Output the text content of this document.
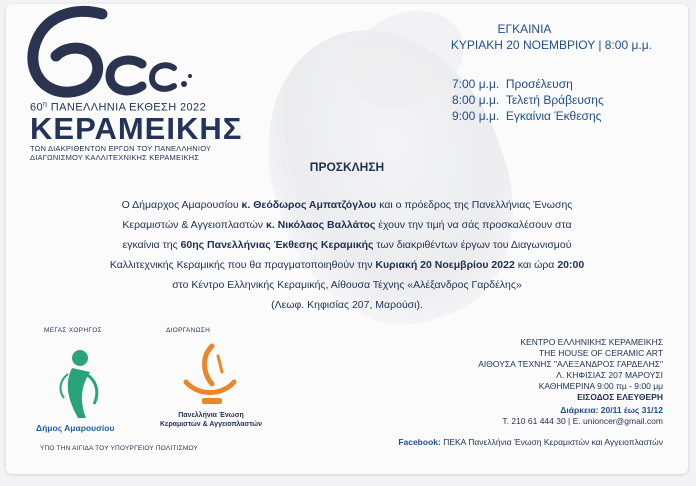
$60^\eta$ ΠΑΝΕΛΛΗΝΙΑ ΕΚΘΕΣΗ 2022
ΚΕΡΑΜΕΙΚΗΣ
ΤΩΝ ΔΙΑΚΡΙΘΕΝΤΩΝ ΕΡΓΩΝ ΤΟΥ ΠΑΝΕΛΛΗΝΙΟΥ
ΔΙΑΓΩΝΙΣΜΟΥ ΚΑΛΛΙΤΕΧΝΙΚΗΣ ΚΕΡΑΜΕΙΚΗΣ
ΕΓΚΑΙΝΙΑ
ΚΥΡΙΑΚΗ 20 ΝΟΕΜΒΡΙΟΥ | 8:00 μ.μ.
7:00 μ.μ. Προσέλευση
8:00 μ.μ. Τελετή Βράβευσης
9:00 μ.μ. Εγκαίνια Έκθεσης
ΠΡΟΣΚΛΗΣΗ
Ο Δήμαρχος Αμαρουσίου κ. Θεόδωρος Αμπατζόγλου και ο πρόεδρος της Πανελλήνιας Ένωσης
Κεραμιστών & Αγγειοπλαστών κ. Νικόλαος Βαλλάτος έχουν την τιμή να σάς προσκαλέσουν στα
εγκαίνια της 60ης Πανελλήνιας Έκθεσης Κεραμικής των διακριθέντων έργων του Διαγωνισμού
Καλλιτεχνικής Κεραμικής που θα πραγματοποιηθούν την Κυριακή 20 Νοεμβρίου 2022 και ώρα 20:00
στο Κέντρο Ελληνικής Κεραμικής, Αίθουσα Τέχνης «Αλέξανδρος Γαρδέλης»
(Λεωφ. Κηφισίας 207, Μαρούσι).
ΜΕΓΑΣ ΧΟΡΗΓΟΣ	ΔΙΟΡΓΑΝΩΣΗ
Δήμος Αμαρουσίου
Πανελλήνια Ένωση
Κεραμιστών & Αγγειοπλαστών
ΥΠΟ ΤΗΝ ΑΙΓΙΔΑ ΤΟΥ ΥΠΟΥΡΓΕΙΟΥ ΠΟΛΙΤΙΣΜΟΥ
ΚΕΝΤΡΟ ΕΛΛΗΝΙΚΗΣ ΚΕΡΑΜΕΙΚΗΣ
THE HOUSE OF CERAMIC ART
ΑΙΘΟΥΣΑ ΤΕΧΝΗΣ "ΑΛΕΞΑΝΔΡΟΣ ΓΑΡΔΕΛΗΣ"
Λ. ΚΗΦΙΣΙΑΣ 207 ΜΑΡΟΥΣΙ
ΚΑΘΗΜΕΡΙΝΑ 9:00 πμ - 9:00 μμ
ΕΙΣΟΔΟΣ ΕΛΕΥΘΕΡΗ
Διάρκεια: 20/11 έως 31/12
Τ. 210 61 444 30 | Ε. unioncer@gmail.com
Facebook: ΠΕΚΑ Πανελλήνια Ένωση Κεραμιστών και Αγγειοπλαστών
